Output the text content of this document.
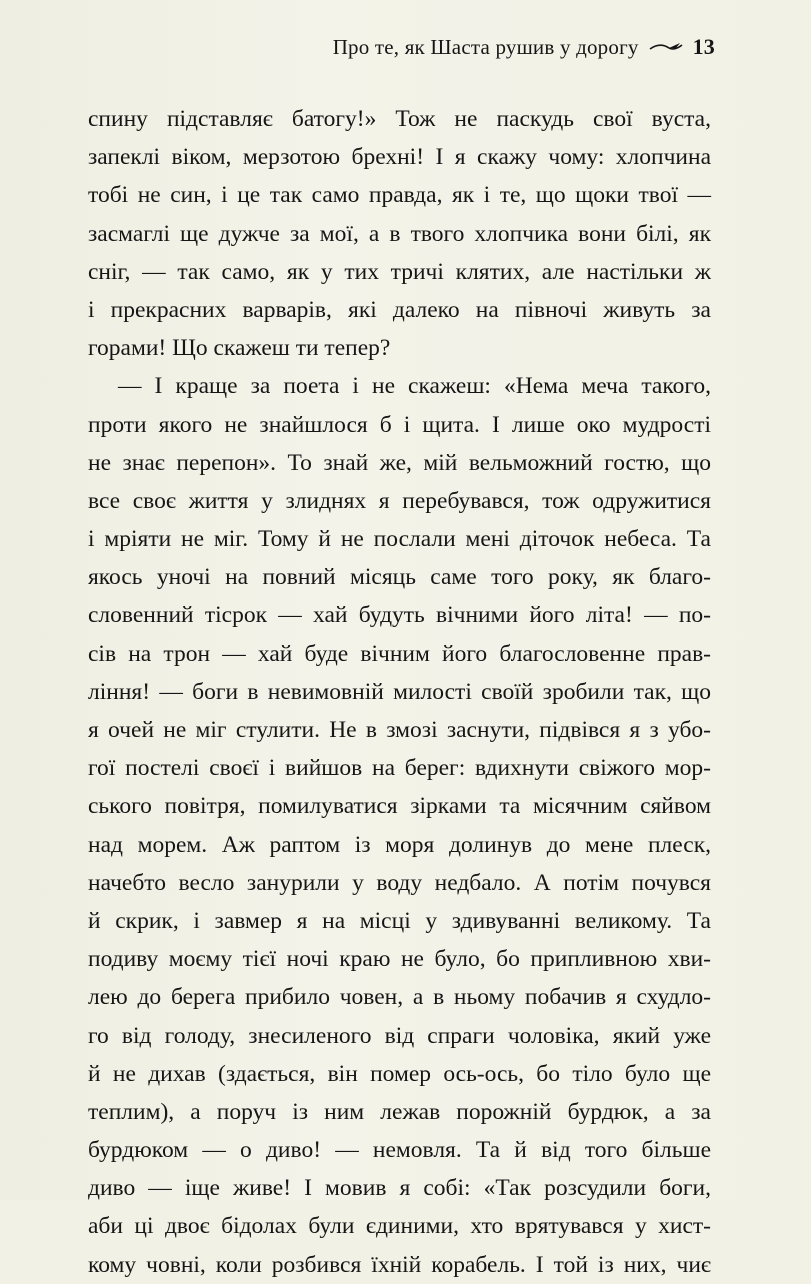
Про те, як Шаста рушив у дорогу 13
спину підставляє батогу!» Тож не паскудь свої вуста,
запеклі віком, мерзотою брехні! І я скажу чому: хлопчина
тобі не син, і це так само правда, як і те, що щоки твої —
засмаглі ще дужче за мої, а в твого хлопчика вони білі, як
сніг, — так само, як у тих тричі клятих, але настільки ж
і прекрасних варварів, які далеко на півночі живуть за
горами! Що скажеш ти тепер?
— І краще за поета і не скажеш: «Нема меча такого,
проти якого не знайшлося б і щита. І лише око мудрості
не знає перепон». То знай же, мій вельможний гостю, що
все своє життя у злиднях я перебувався, тож одружитися
і мріяти не міг. Тому й не послали мені діточок небеса. Та
якось уночі на повний місяць саме того року, як благо-
словенний тісрок — хай будуть вічними його літа! — по-
сів на трон — хай буде вічним його благословенне прав-
ління! — боги в невимовній милості своїй зробили так, що
я очей не міг стулити. Не в змозі заснути, підвівся я з убо-
гої постелі своєї і вийшов на берег: вдихнути свіжого мор-
ського повітря, помилуватися зірками та місячним сяйвом
над морем. Аж раптом із моря долинув до мене плеск,
начебто весло занурили у воду недбало. А потім почувся
й скрик, і завмер я на місці у здивуванні великому. Та
подиву моєму тієї ночі краю не було, бо припливною хви-
лею до берега прибило човен, а в ньому побачив я схудло-
го від голоду, знесиленого від спраги чоловіка, який уже
й не дихав (здається, він помер ось-ось, бо тіло було ще
теплим), а поруч із ним лежав порожній бурдюк, а за
бурдюком — о диво! — немовля. Та й від того більше
диво — іще живе! І мовив я собі: «Так розсудили боги,
аби ці двоє бідолах були єдиними, хто врятувався у хист-
кому човні, коли розбився їхній корабель. І той із них, чиє
